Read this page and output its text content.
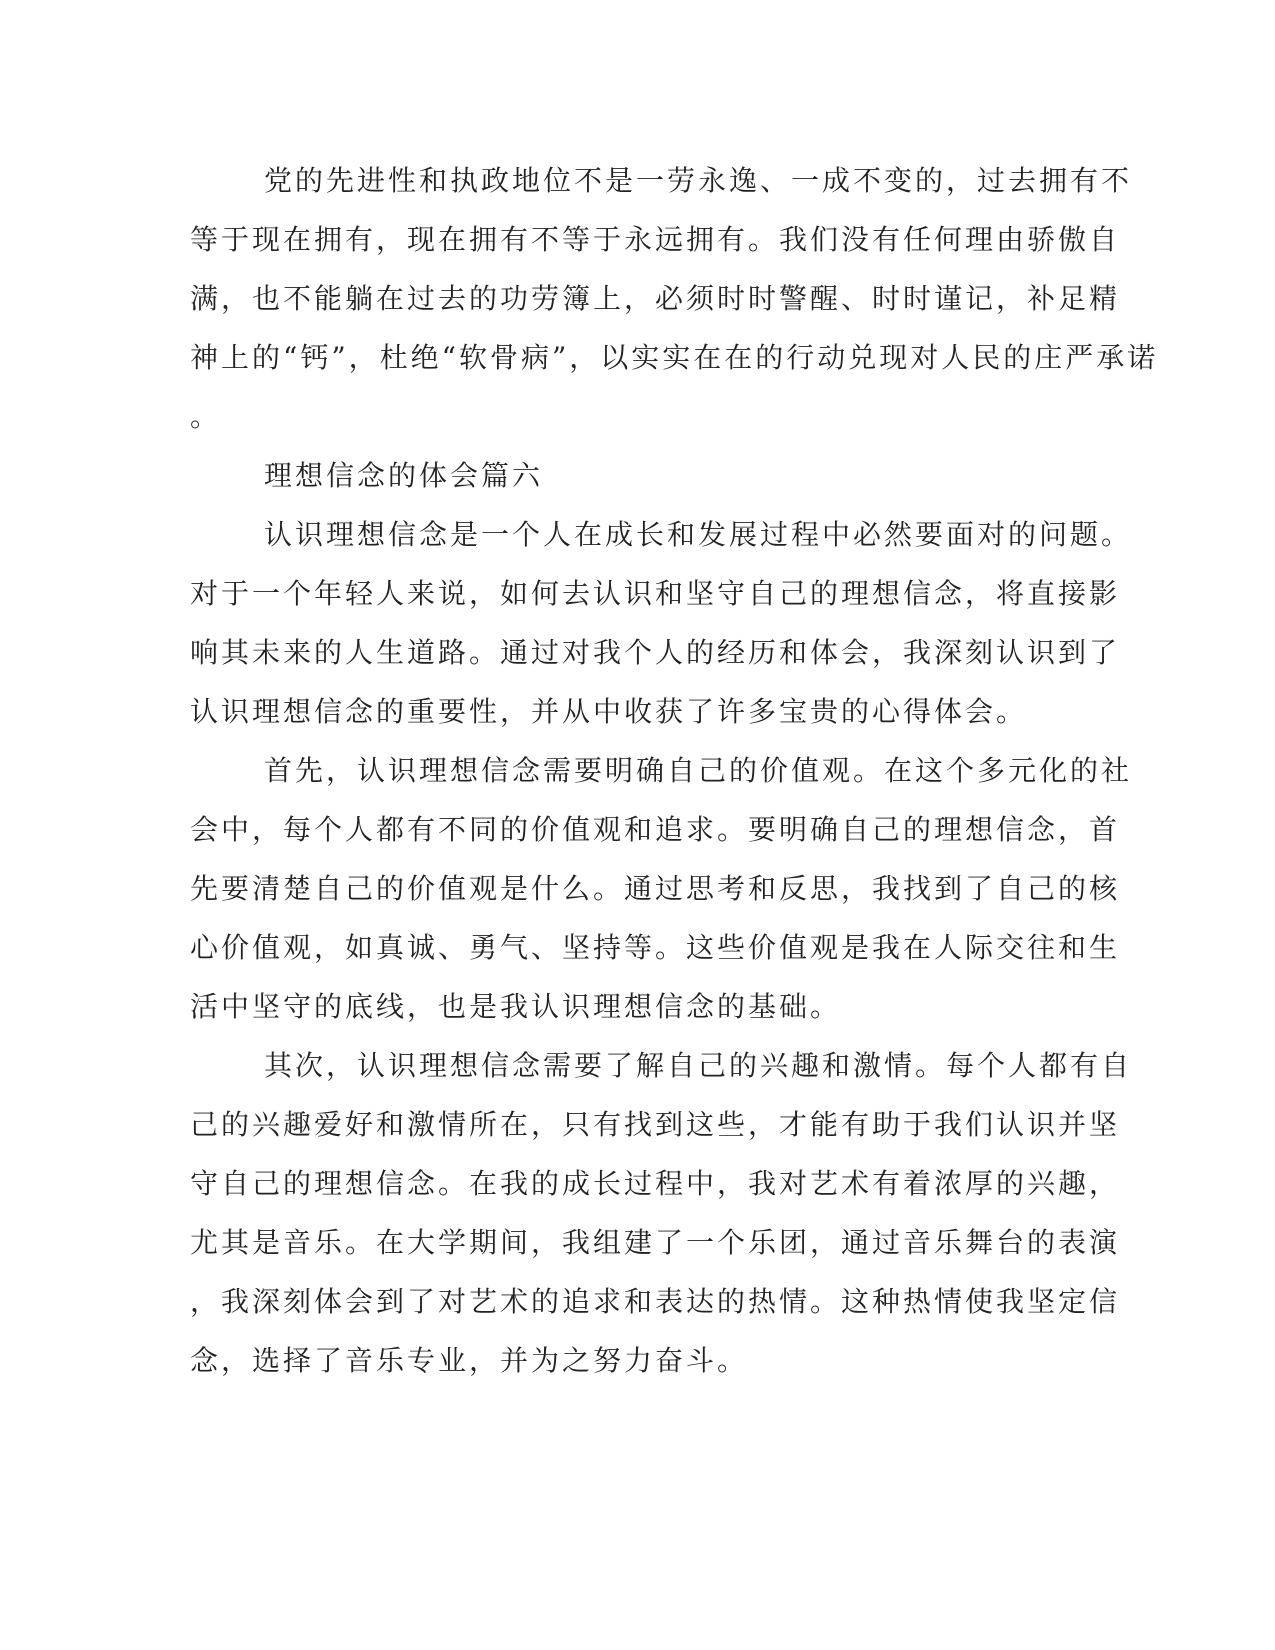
党的先进性和执政地位不是一劳永逸、一成不变的，过去拥有不
等于现在拥有，现在拥有不等于永远拥有。我们没有任何理由骄傲自
满，也不能躺在过去的功劳簿上，必须时时警醒、时时谨记，补足精
神上的“钙”，杜绝“软骨病”，以实实在在的行动兑现对人民的庄严承诺
。
理想信念的体会篇六
认识理想信念是一个人在成长和发展过程中必然要面对的问题。
对于一个年轻人来说，如何去认识和坚守自己的理想信念，将直接影
响其未来的人生道路。通过对我个人的经历和体会，我深刻认识到了
认识理想信念的重要性，并从中收获了许多宝贵的心得体会。
首先，认识理想信念需要明确自己的价值观。在这个多元化的社
会中，每个人都有不同的价值观和追求。要明确自己的理想信念，首
先要清楚自己的价值观是什么。通过思考和反思，我找到了自己的核
心价值观，如真诚、勇气、坚持等。这些价值观是我在人际交往和生
活中坚守的底线，也是我认识理想信念的基础。
其次，认识理想信念需要了解自己的兴趣和激情。每个人都有自
己的兴趣爱好和激情所在，只有找到这些，才能有助于我们认识并坚
守自己的理想信念。在我的成长过程中，我对艺术有着浓厚的兴趣，
尤其是音乐。在大学期间，我组建了一个乐团，通过音乐舞台的表演
，我深刻体会到了对艺术的追求和表达的热情。这种热情使我坚定信
念，选择了音乐专业，并为之努力奋斗。
